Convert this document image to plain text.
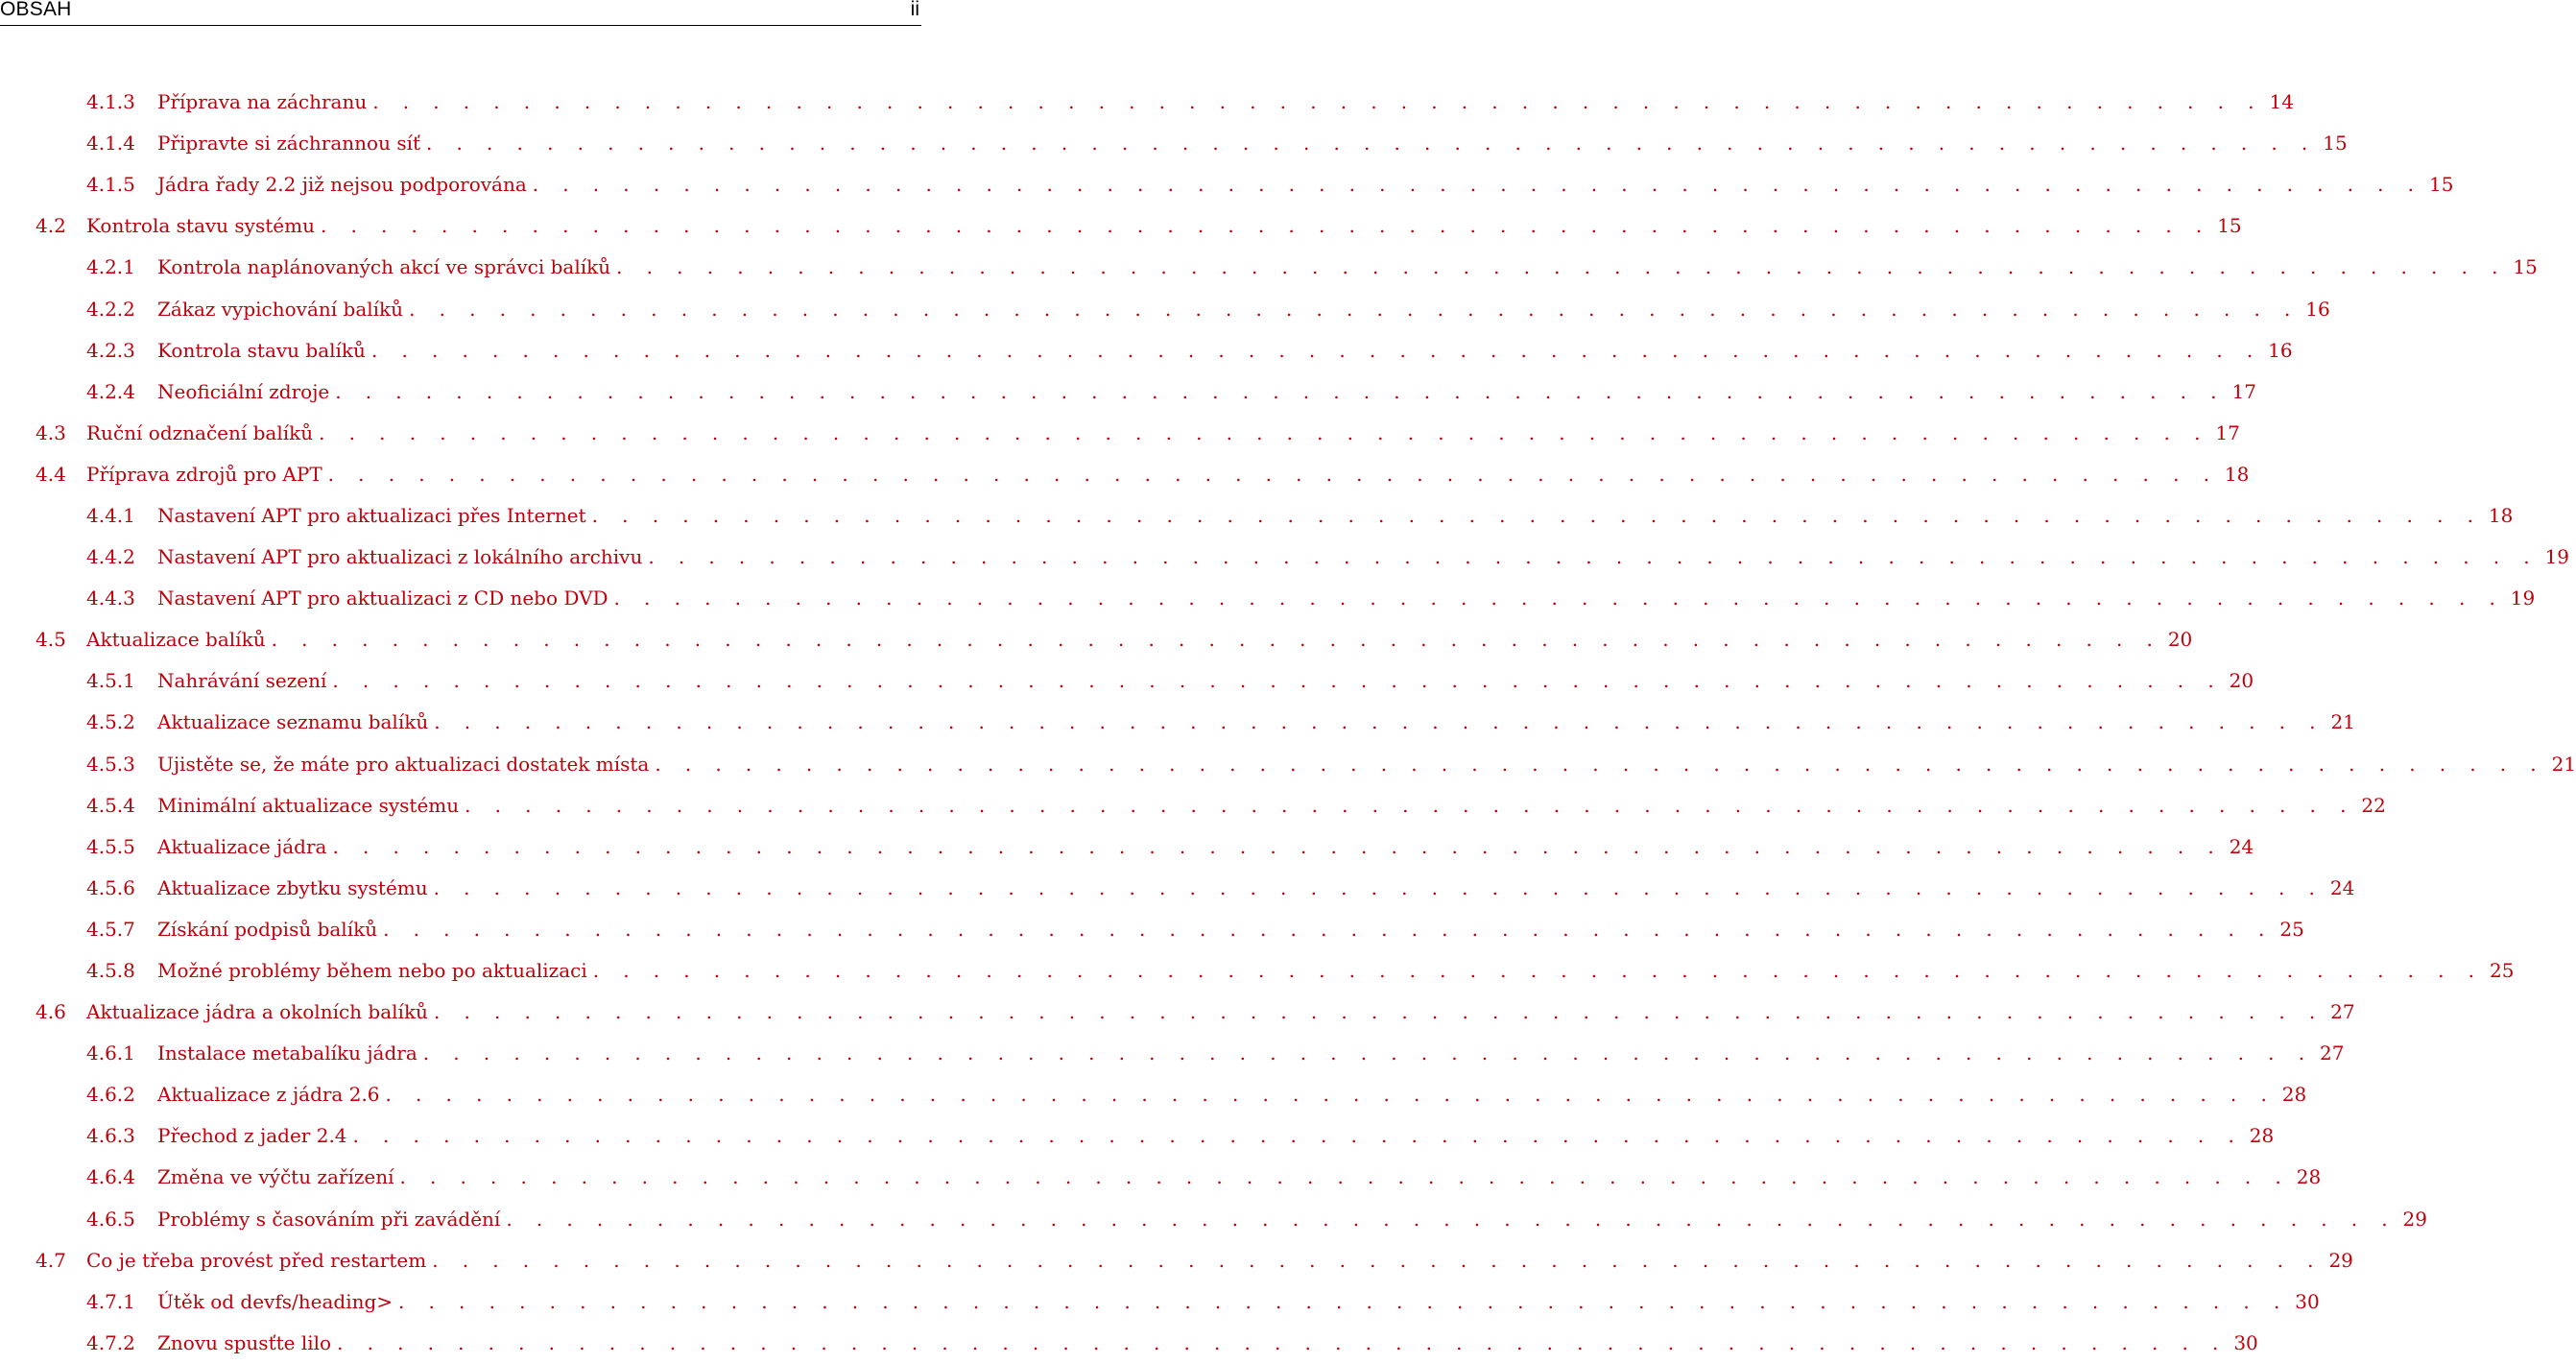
OBSAH	ii
4.1.3	Příprava na záchranu . . . . . . . . . . . . . . . . . . . . . . . . . . . . . . . . . . . . . . . . . . . . . . . . . . . . . . . . . . . . . . . 14
4.1.4	Připravte si záchrannou síť . . . . . . . . . . . . . . . . . . . . . . . . . . . . . . . . . . . . . . . . . . . . . . . . . . . . . . . . . . . . . . . 15
4.1.5	Jádra řady 2.2 již nejsou podporována . . . . . . . . . . . . . . . . . . . . . . . . . . . . . . . . . . . . . . . . . . . . . . . . . . . . . . . . . . . . . . . 15
4.2	Kontrola stavu systému . . . . . . . . . . . . . . . . . . . . . . . . . . . . . . . . . . . . . . . . . . . . . . . . . . . . . . . . . . . . . . . 15
4.2.1	Kontrola naplánovaných akcí ve správci balíků . . . . . . . . . . . . . . . . . . . . . . . . . . . . . . . . . . . . . . . . . . . . . . . . . . . . . . . . . . . . . . . 15
4.2.2	Zákaz vypichování balíků . . . . . . . . . . . . . . . . . . . . . . . . . . . . . . . . . . . . . . . . . . . . . . . . . . . . . . . . . . . . . . . 16
4.2.3	Kontrola stavu balíků . . . . . . . . . . . . . . . . . . . . . . . . . . . . . . . . . . . . . . . . . . . . . . . . . . . . . . . . . . . . . . . 16
4.2.4	Neoficiální zdroje . . . . . . . . . . . . . . . . . . . . . . . . . . . . . . . . . . . . . . . . . . . . . . . . . . . . . . . . . . . . . . . 17
4.3	Ruční odznačení balíků . . . . . . . . . . . . . . . . . . . . . . . . . . . . . . . . . . . . . . . . . . . . . . . . . . . . . . . . . . . . . . . 17
4.4	Příprava zdrojů pro APT . . . . . . . . . . . . . . . . . . . . . . . . . . . . . . . . . . . . . . . . . . . . . . . . . . . . . . . . . . . . . . . 18
4.4.1	Nastavení APT pro aktualizaci přes Internet . . . . . . . . . . . . . . . . . . . . . . . . . . . . . . . . . . . . . . . . . . . . . . . . . . . . . . . . . . . . . . . 18
4.4.2	Nastavení APT pro aktualizaci z lokálního archivu . . . . . . . . . . . . . . . . . . . . . . . . . . . . . . . . . . . . . . . . . . . . . . . . . . . . . . . . . . . . . . . 19
4.4.3	Nastavení APT pro aktualizaci z CD nebo DVD . . . . . . . . . . . . . . . . . . . . . . . . . . . . . . . . . . . . . . . . . . . . . . . . . . . . . . . . . . . . . . . 19
4.5	Aktualizace balíků . . . . . . . . . . . . . . . . . . . . . . . . . . . . . . . . . . . . . . . . . . . . . . . . . . . . . . . . . . . . . . . 20
4.5.1	Nahrávání sezení . . . . . . . . . . . . . . . . . . . . . . . . . . . . . . . . . . . . . . . . . . . . . . . . . . . . . . . . . . . . . . . 20
4.5.2	Aktualizace seznamu balíků . . . . . . . . . . . . . . . . . . . . . . . . . . . . . . . . . . . . . . . . . . . . . . . . . . . . . . . . . . . . . . . 21
4.5.3	Ujistěte se, že máte pro aktualizaci dostatek místa . . . . . . . . . . . . . . . . . . . . . . . . . . . . . . . . . . . . . . . . . . . . . . . . . . . . . . . . . . . . . . . 21
4.5.4	Minimální aktualizace systému . . . . . . . . . . . . . . . . . . . . . . . . . . . . . . . . . . . . . . . . . . . . . . . . . . . . . . . . . . . . . . . 22
4.5.5	Aktualizace jádra . . . . . . . . . . . . . . . . . . . . . . . . . . . . . . . . . . . . . . . . . . . . . . . . . . . . . . . . . . . . . . . 24
4.5.6	Aktualizace zbytku systému . . . . . . . . . . . . . . . . . . . . . . . . . . . . . . . . . . . . . . . . . . . . . . . . . . . . . . . . . . . . . . . 24
4.5.7	Získání podpisů balíků . . . . . . . . . . . . . . . . . . . . . . . . . . . . . . . . . . . . . . . . . . . . . . . . . . . . . . . . . . . . . . . 25
4.5.8	Možné problémy během nebo po aktualizaci . . . . . . . . . . . . . . . . . . . . . . . . . . . . . . . . . . . . . . . . . . . . . . . . . . . . . . . . . . . . . . . 25
4.6	Aktualizace jádra a okolních balíků . . . . . . . . . . . . . . . . . . . . . . . . . . . . . . . . . . . . . . . . . . . . . . . . . . . . . . . . . . . . . . . 27
4.6.1	Instalace metabalíku jádra . . . . . . . . . . . . . . . . . . . . . . . . . . . . . . . . . . . . . . . . . . . . . . . . . . . . . . . . . . . . . . . 27
4.6.2	Aktualizace z jádra 2.6 . . . . . . . . . . . . . . . . . . . . . . . . . . . . . . . . . . . . . . . . . . . . . . . . . . . . . . . . . . . . . . . 28
4.6.3	Přechod z jader 2.4 . . . . . . . . . . . . . . . . . . . . . . . . . . . . . . . . . . . . . . . . . . . . . . . . . . . . . . . . . . . . . . . 28
4.6.4	Změna ve výčtu zařízení . . . . . . . . . . . . . . . . . . . . . . . . . . . . . . . . . . . . . . . . . . . . . . . . . . . . . . . . . . . . . . . 28
4.6.5	Problémy s časováním při zavádění . . . . . . . . . . . . . . . . . . . . . . . . . . . . . . . . . . . . . . . . . . . . . . . . . . . . . . . . . . . . . . . 29
4.7	Co je třeba provést před restartem . . . . . . . . . . . . . . . . . . . . . . . . . . . . . . . . . . . . . . . . . . . . . . . . . . . . . . . . . . . . . . . 29
4.7.1	Útěk od devfs/heading> . . . . . . . . . . . . . . . . . . . . . . . . . . . . . . . . . . . . . . . . . . . . . . . . . . . . . . . . . . . . . . . 30
4.7.2	Znovu spusťte lilo . . . . . . . . . . . . . . . . . . . . . . . . . . . . . . . . . . . . . . . . . . . . . . . . . . . . . . . . . . . . . . . 30
